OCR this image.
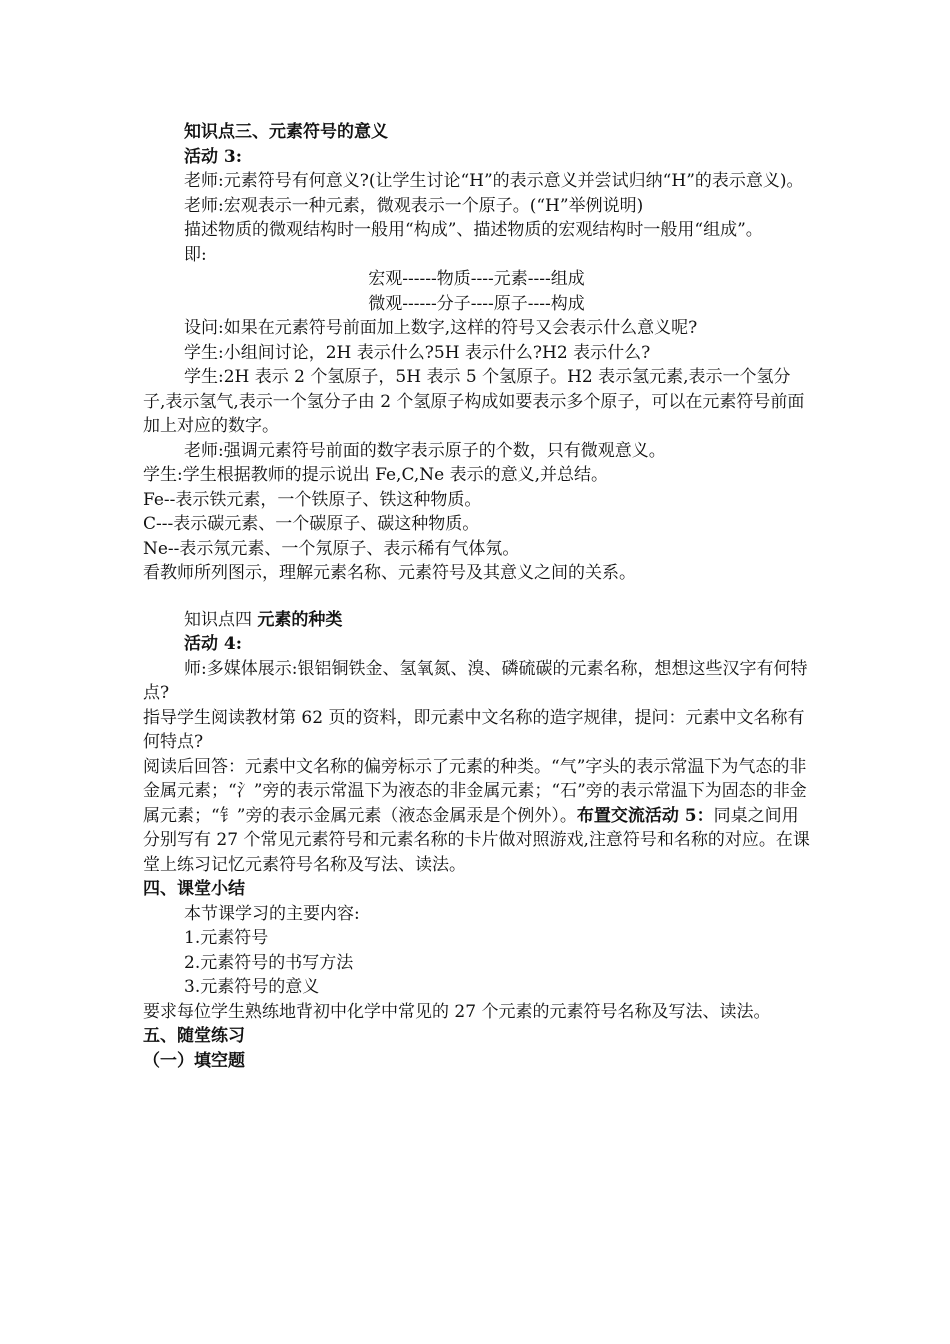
知识点三、元素符号的意义

活动 3:

老师:元素符号有何意义?(让学生讨论“H”的表示意义并尝试归纳“H”的表示意义)。

老师:宏观表示一种元素，微观表示一个原子。(“H”举例说明)

描述物质的微观结构时一般用“构成”、描述物质的宏观结构时一般用“组成”。

即:

宏观------物质----元素----组成

微观------分子----原子----构成

设问:如果在元素符号前面加上数字,这样的符号又会表示什么意义呢?

学生:小组间讨论，2H 表示什么?5H 表示什么?H2 表示什么?

学生:2H 表示 2 个氢原子，5H 表示 5 个氢原子。H2 表示氢元素,表示一个氢分子,表示氢气,表示一个氢分子由 2 个氢原子构成如要表示多个原子，可以在元素符号前面加上对应的数字。

老师:强调元素符号前面的数字表示原子的个数，只有微观意义。

学生:学生根据教师的提示说出 Fe,C,Ne 表示的意义,并总结。

Fe--表示铁元素，一个铁原子、铁这种物质。

C---表示碳元素、一个碳原子、碳这种物质。

Ne--表示氖元素、一个氖原子、表示稀有气体氖。

看教师所列图示，理解元素名称、元素符号及其意义之间的关系。

知识点四 元素的种类

活动 4:

师:多媒体展示:银铝铜铁金、氢氧氮、溴、磷硫碳的元素名称，想想这些汉字有何特点?

指导学生阅读教材第 62 页的资料，即元素中文名称的造字规律，提问：元素中文名称有何特点?

阅读后回答：元素中文名称的偏旁标示了元素的种类。“气”字头的表示常温下为气态的非金属元素；“氵”旁的表示常温下为液态的非金属元素；“石”旁的表示常温下为固态的非金属元素；“钅”旁的表示金属元素（液态金属汞是个例外）。布置交流活动 5：同桌之间用分别写有 27 个常见元素符号和元素名称的卡片做对照游戏,注意符号和名称的对应。在课堂上练习记忆元素符号名称及写法、读法。

四、课堂小结

本节课学习的主要内容:

1.元素符号

2.元素符号的书写方法

3.元素符号的意义

要求每位学生熟练地背初中化学中常见的 27 个元素的元素符号名称及写法、读法。

五、随堂练习

（一）填空题
